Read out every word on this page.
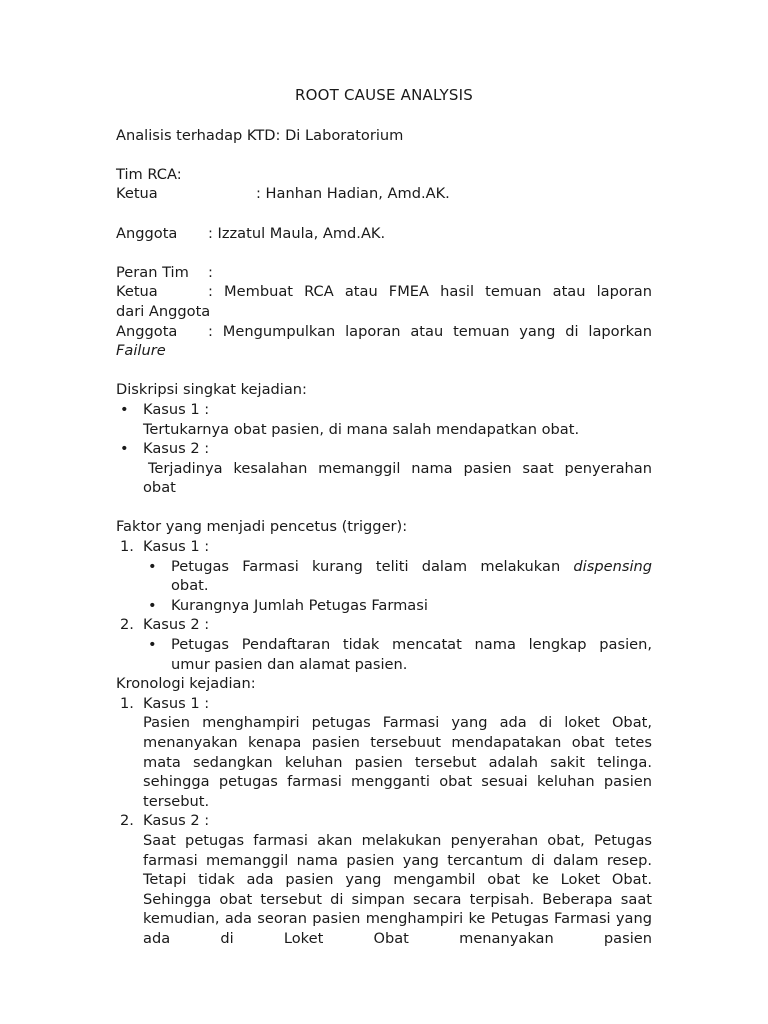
ROOT CAUSE ANALYSIS

Analisis terhadap KTD: Di Laboratorium

Tim RCA:

Ketua	: Hanhan Hadian, Amd.AK.
Anggota	: Izzatul Maula, Amd.AK.
Peran Tim	:
Ketua	: Membuat RCA atau FMEA hasil temuan atau laporan

dari Anggota

Anggota	: Mengumpulkan laporan atau temuan yang di laporkan

Failure

Diskripsi singkat kejadian:

• Kasus 1 :
Tertukarnya obat pasien, di mana salah mendapatkan obat.
• Kasus 2 :
Terjadinya kesalahan memanggil nama pasien saat penyerahan
obat

Faktor yang menjadi pencetus (trigger):

1. Kasus 1 :
• Petugas Farmasi kurang teliti dalam melakukan dispensing
obat.
• Kurangnya Jumlah Petugas Farmasi
2. Kasus 2 :
• Petugas Pendaftaran tidak mencatat nama lengkap pasien,
umur pasien dan alamat pasien.

Kronologi kejadian:

1. Kasus 1 :
Pasien menghampiri petugas Farmasi yang ada di loket Obat, menanyakan kenapa pasien tersebuut mendapatakan obat tetes mata sedangkan keluhan pasien tersebut adalah sakit telinga. sehingga petugas farmasi mengganti obat sesuai keluhan pasien tersebut.
2. Kasus 2 :
Saat petugas farmasi akan melakukan penyerahan obat, Petugas farmasi memanggil nama pasien yang tercantum di dalam resep. Tetapi tidak ada pasien yang mengambil obat ke Loket Obat. Sehingga obat tersebut di simpan secara terpisah. Beberapa saat kemudian, ada seoran pasien menghampiri ke Petugas Farmasi yang ada di Loket Obat menanyakan pasien
